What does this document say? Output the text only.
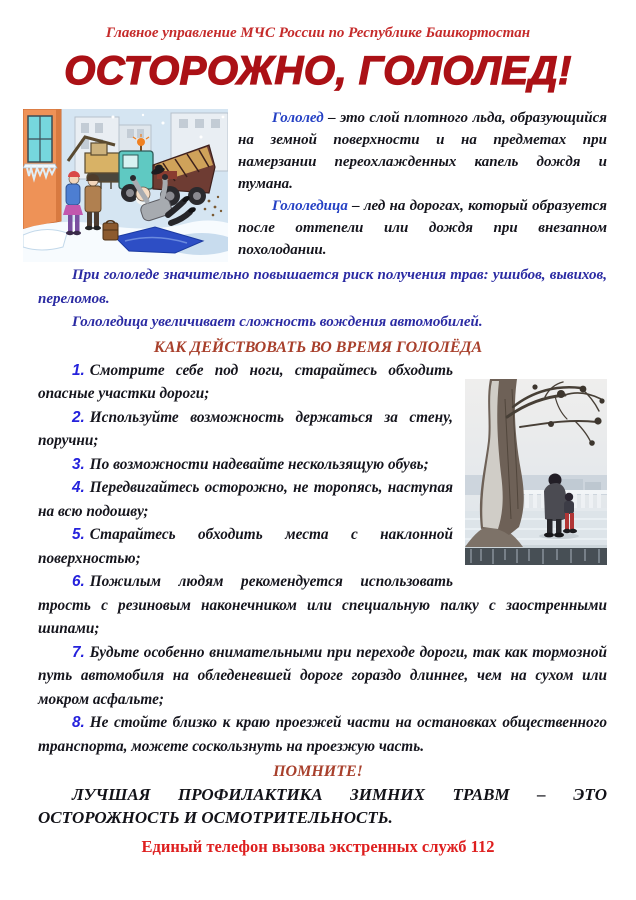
Главное управление МЧС России по Республике Башкортостан
ОСТОРОЖНО, ГОЛОЛЕД!

Гололед – это слой плотного льда, образующийся на земной поверхности и на предметах при намерзании переохлажденных капель дождя и тумана.

Гололедица – лед на дорогах, который образуется после оттепели или дождя при внезапном похолодании.

При гололеде значительно повышается риск получения трав: ушибов, вывихов, переломов.

Гололедица увеличивает сложность вождения автомобилей.

КАК ДЕЙСТВОВАТЬ ВО ВРЕМЯ ГОЛОЛЁДА

1. Смотрите себе под ноги, старайтесь обходить опасные участки дороги;

2. Используйте возможность держаться за стену, поручни;

3. По возможности надевайте нескользящую обувь;

4. Передвигайтесь осторожно, не торопясь, наступая на всю подошву;

5. Старайтесь обходить места с наклонной поверхностью;

6. Пожилым людям рекомендуется использовать трость с резиновым наконечником или специальную палку с заостренными шипами;

7. Будьте особенно внимательными при переходе дороги, так как тормозной путь автомобиля на обледеневшей дороге гораздо длиннее, чем на сухом или мокром асфальте;

8. Не стойте близко к краю проезжей части на остановках общественного транспорта, можете соскользнуть на проезжую часть.

ПОМНИТЕ!

ЛУЧШАЯ ПРОФИЛАКТИКА ЗИМНИХ ТРАВМ – ЭТО

ОСТОРОЖНОСТЬ И ОСМОТРИТЕЛЬНОСТЬ.

Единый телефон вызова экстренных служб 112
